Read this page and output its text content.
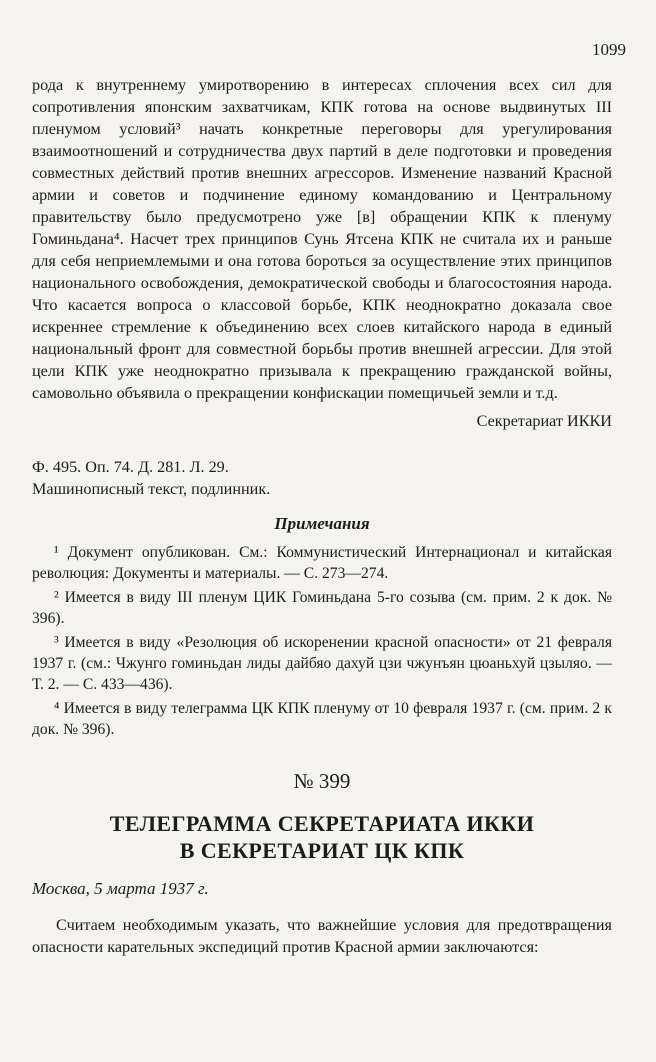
1099

рода к внутреннему умиротворению в интересах сплочения всех сил для сопротивления японским захватчикам, КПК готова на основе выдвинутых III пленумом условий³ начать конкретные переговоры для урегулирования взаимоотношений и сотрудничества двух партий в деле подготовки и проведения совместных действий против внешних агрессоров. Изменение названий Красной армии и советов и подчинение единому командованию и Центральному правительству было предусмотрено уже [в] обращении КПК к пленуму Гоминьдана⁴. Насчет трех принципов Сунь Ятсена КПК не считала их и раньше для себя неприемлемыми и она готова бороться за осуществление этих принципов национального освобождения, демократической свободы и благосостояния народа. Что касается вопроса о классовой борьбе, КПК неоднократно доказала свое искреннее стремление к объединению всех слоев китайского народа в единый национальный фронт для совместной борьбы против внешней агрессии. Для этой цели КПК уже неоднократно призывала к прекращению гражданской войны, самовольно объявила о прекращении конфискации помещичьей земли и т.д.

Секретариат ИККИ

Ф. 495. Оп. 74. Д. 281. Л. 29.
Машинописный текст, подлинник.
Примечания

¹ Документ опубликован. См.: Коммунистический Интернационал и китайская революция: Документы и материалы. — С. 273—274.

² Имеется в виду III пленум ЦИК Гоминьдана 5-го созыва (см. прим. 2 к док. № 396).

³ Имеется в виду «Резолюция об искоренении красной опасности» от 21 февраля 1937 г. (см.: Чжунго гоминьдан лиды дайбяо дахуй цзи чжунъян цюаньхуй цзыляо. — Т. 2. — С. 433—436).

⁴ Имеется в виду телеграмма ЦК КПК пленуму от 10 февраля 1937 г. (см. прим. 2 к док. № 396).

№ 399
ТЕЛЕГРАММА СЕКРЕТАРИАТА ИККИ
В СЕКРЕТАРИАТ ЦК КПК
Москва, 5 марта 1937 г.

Считаем необходимым указать, что важнейшие условия для предотвращения опасности карательных экспедиций против Красной армии заключаются:
